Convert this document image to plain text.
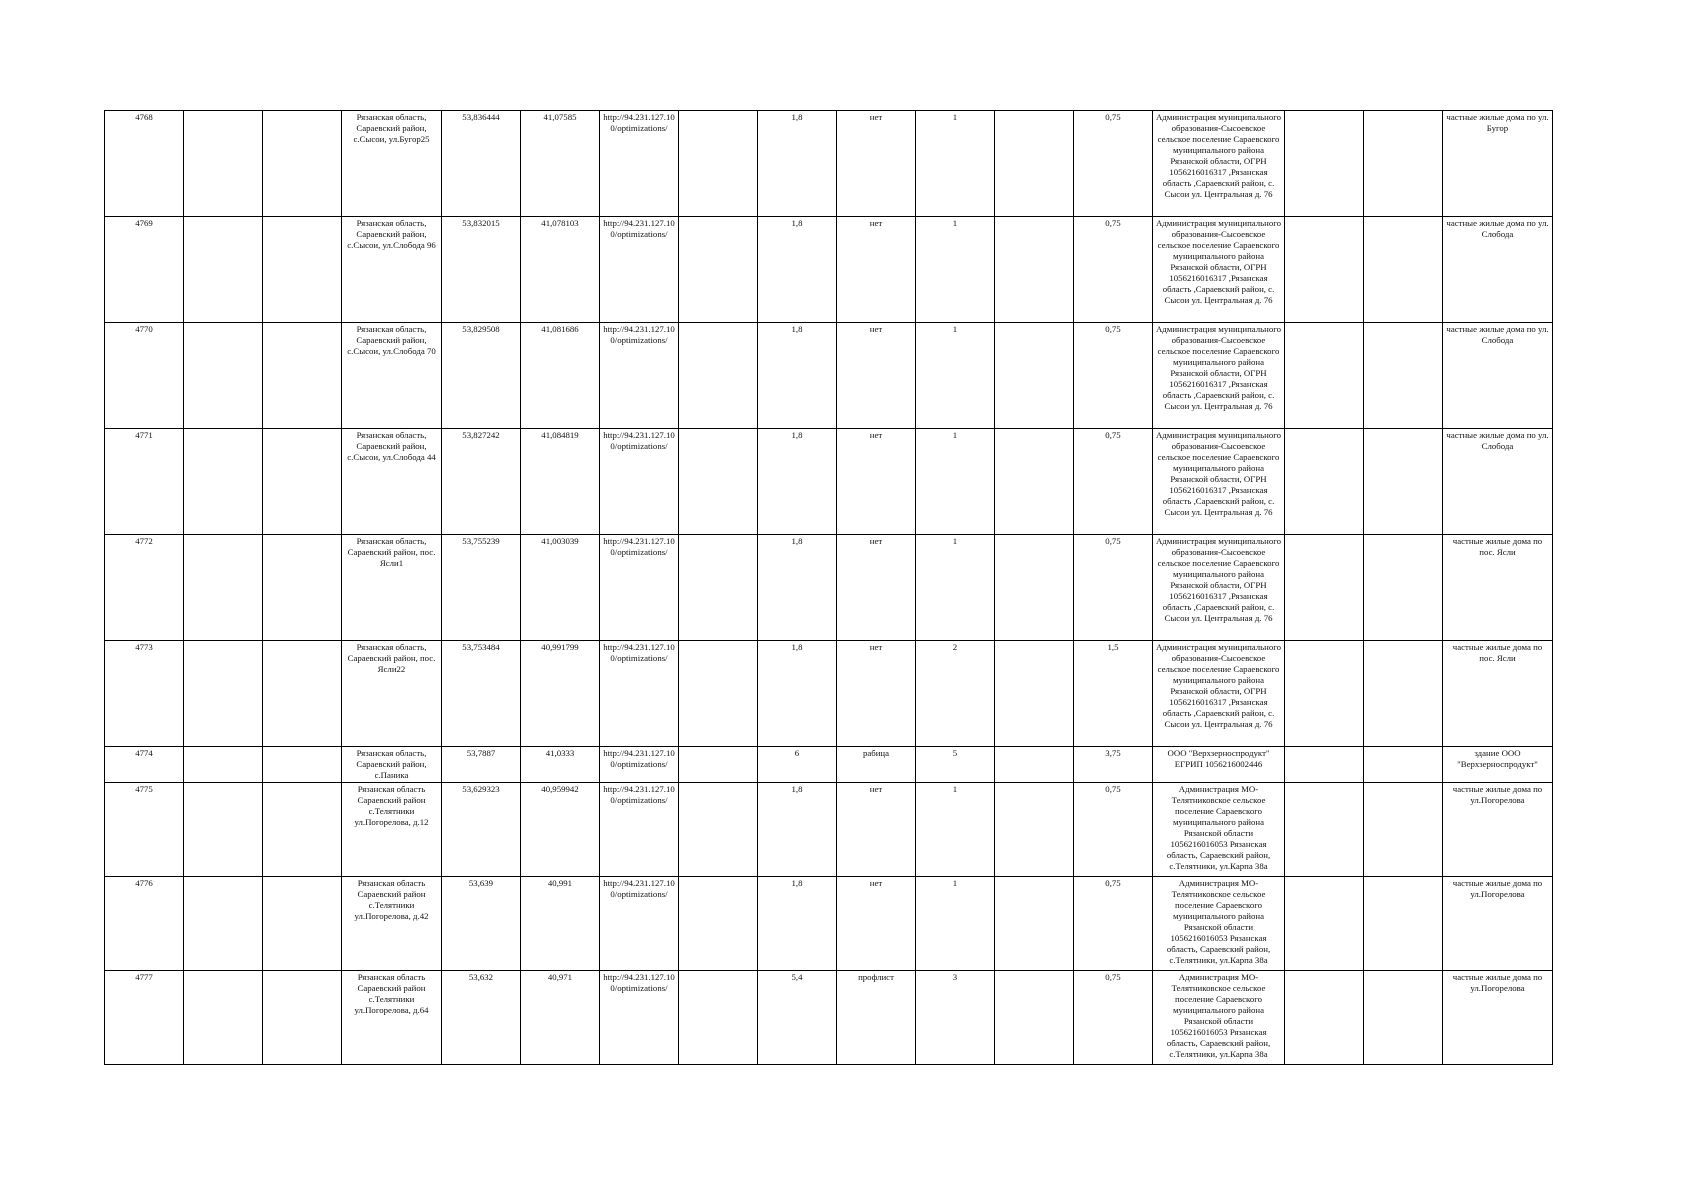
4768			Рязанская область, Сараевский район, с.Сысои, ул.Бугор25	53,836444	41,07585	http://94.231.127.100/optimizations/		1,8	нет	1		0,75	Администрация муниципального образования-Сысоевское сельское поселение Сараевского муниципального района Рязанской области, ОГРН 1056216016317 ,Рязанская область ,Сараевский район, с. Сысои ул. Центральная д. 76			частные жилые дома по ул. Бугор
4769			Рязанская область, Сараевский район, с.Сысои, ул.Слобода 96	53,832015	41,078103	http://94.231.127.100/optimizations/		1,8	нет	1		0,75	Администрация муниципального образования-Сысоевское сельское поселение Сараевского муниципального района Рязанской области, ОГРН 1056216016317 ,Рязанская область ,Сараевский район, с. Сысои ул. Центральная д. 76			частные жилые дома по ул. Слобода
4770			Рязанская область, Сараевский район, с.Сысои, ул.Слобода 70	53,829508	41,081686	http://94.231.127.100/optimizations/		1,8	нет	1		0,75	Администрация муниципального образования-Сысоевское сельское поселение Сараевского муниципального района Рязанской области, ОГРН 1056216016317 ,Рязанская область ,Сараевский район, с. Сысои ул. Центральная д. 76			частные жилые дома по ул. Слобода
4771			Рязанская область, Сараевский район, с.Сысои, ул.Слобода 44	53,827242	41,084819	http://94.231.127.100/optimizations/		1,8	нет	1		0,75	Администрация муниципального образования-Сысоевское сельское поселение Сараевского муниципального района Рязанской области, ОГРН 1056216016317 ,Рязанская область ,Сараевский район, с. Сысои ул. Центральная д. 76			частные жилые дома по ул. Слобода
4772			Рязанская область, Сараевский район, пос. Ясли1	53,755239	41,003039	http://94.231.127.100/optimizations/		1,8	нет	1		0,75	Администрация муниципального образования-Сысоевское сельское поселение Сараевского муниципального района Рязанской области, ОГРН 1056216016317 ,Рязанская область ,Сараевский район, с. Сысои ул. Центральная д. 76			частные жилые дома по пос. Ясли
4773			Рязанская область, Сараевский район, пос. Ясли22	53,753484	40,991799	http://94.231.127.100/optimizations/		1,8	нет	2		1,5	Администрация муниципального образования-Сысоевское сельское поселение Сараевского муниципального района Рязанской области, ОГРН 1056216016317 ,Рязанская область ,Сараевский район, с. Сысои ул. Центральная д. 76			частные жилые дома по пос. Ясли
4774			Рязанская область, Сараевский район, с.Паника	53,7887	41,0333	http://94.231.127.100/optimizations/		6	рабица	5		3,75	ООО "Верхзерноспродукт" ЕГРИП 1056216002446			здание ООО "Верхзерноспродукт"
4775			Рязанская область Сараевский район с.Телятники ул.Погорелова, д.12	53,629323	40,959942	http://94.231.127.100/optimizations/		1,8	нет	1		0,75	Администрация МО-Телятниковское сельское поселение Сараевского муниципального района Рязанской области 1056216016053 Рязанская область, Сараевский район, с.Телятники, ул.Карпа 38а			частные жилые дома по ул.Погорелова
4776			Рязанская область Сараевский район с.Телятники ул.Погорелова, д.42	53,639	40,991	http://94.231.127.100/optimizations/		1,8	нет	1		0,75	Администрация МО-Телятниковское сельское поселение Сараевского муниципального района Рязанской области 1056216016053 Рязанская область, Сараевский район, с.Телятники, ул.Карпа 38а			частные жилые дома по ул.Погорелова
4777			Рязанская область Сараевский район с.Телятники ул.Погорелова, д.64	53,632	40,971	http://94.231.127.100/optimizations/		5,4	профлист	3		0,75	Администрация МО-Телятниковское сельское поселение Сараевского муниципального района Рязанской области 1056216016053 Рязанская область, Сараевский район, с.Телятники, ул.Карпа 38а			частные жилые дома по ул.Погорелова
